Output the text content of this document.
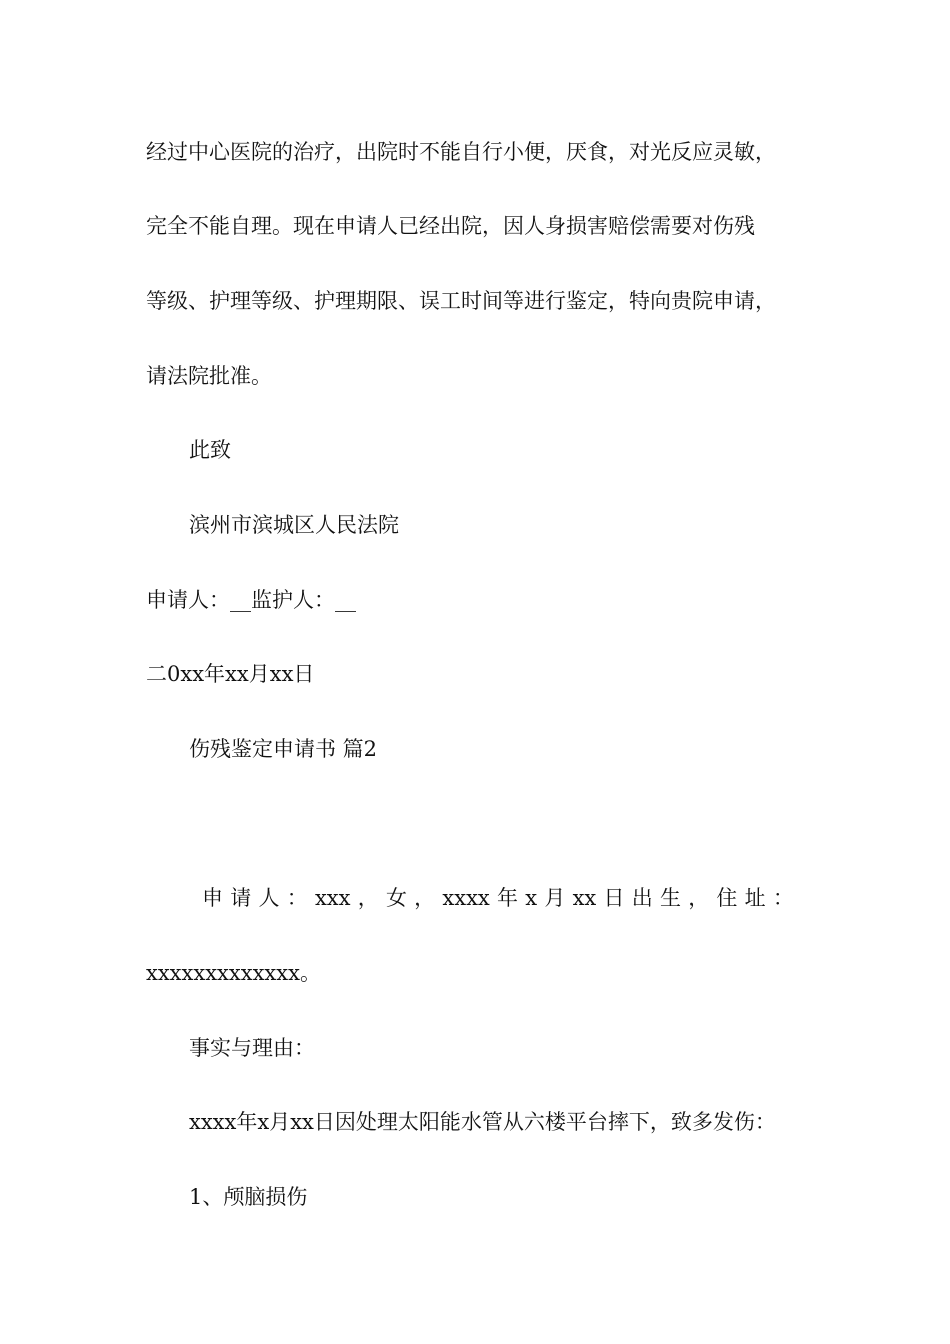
经过中心医院的治疗，出院时不能自行小便，厌食，对光反应灵敏，

完全不能自理。现在申请人已经出院，因人身损害赔偿需要对伤残

等级、护理等级、护理期限、误工时间等进行鉴定，特向贵院申请，

请法院批准。

此致

滨州市滨城区人民法院

申请人：__监护人：__

二0xx年xx月xx日

伤残鉴定申请书 篇2

申 请 人 ： xxx ， 女 ， xxxx 年 x 月 xx 日 出 生 ， 住 址 ：

xxxxxxxxxxxxx。

事实与理由：

xxxx年x月xx日因处理太阳能水管从六楼平台摔下，致多发伤：

1、颅脑损伤
